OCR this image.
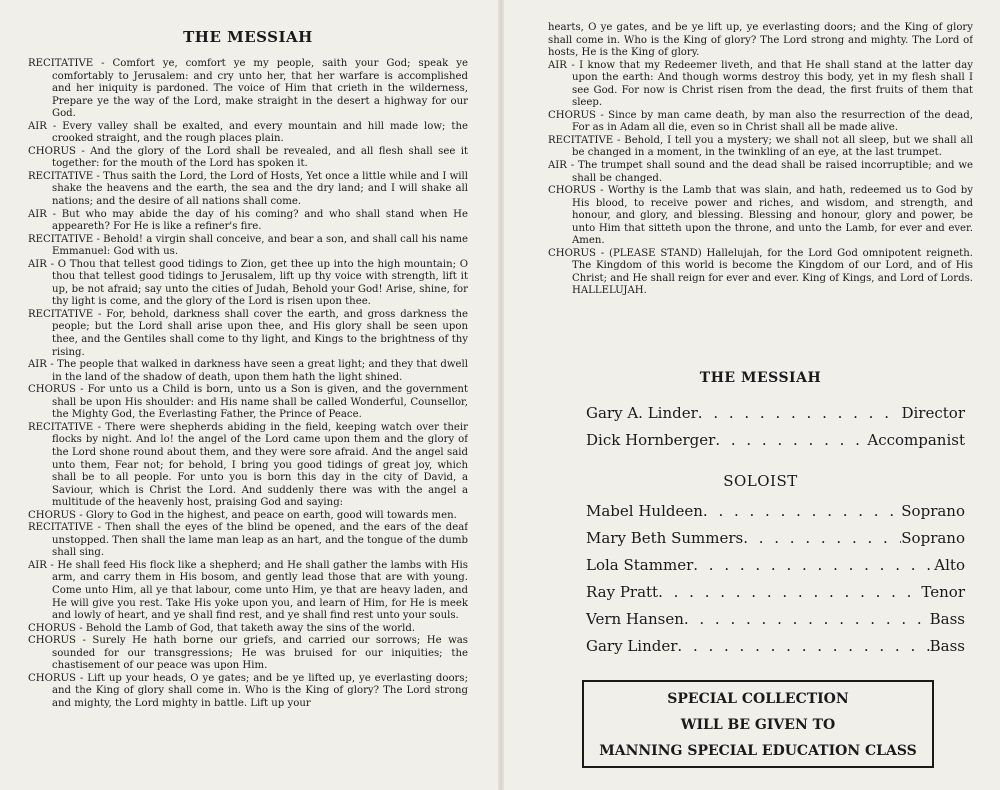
THE MESSIAH

RECITATIVE - Comfort ye, comfort ye my people, saith your God; speak ye comfortably to Jerusalem: and cry unto her, that her warfare is accomplished and her iniquity is pardoned. The voice of Him that crieth in the wilderness, Prepare ye the way of the Lord, make straight in the desert a highway for our God.

AIR - Every valley shall be exalted, and every mountain and hill made low; the crooked straight, and the rough places plain.

CHORUS - And the glory of the Lord shall be revealed, and all flesh shall see it together: for the mouth of the Lord has spoken it.

RECITATIVE - Thus saith the Lord, the Lord of Hosts, Yet once a little while and I will shake the heavens and the earth, the sea and the dry land; and I will shake all nations; and the desire of all nations shall come.

AIR - But who may abide the day of his coming? and who shall stand when He appeareth? For He is like a refiner's fire.

RECITATIVE - Behold! a virgin shall conceive, and bear a son, and shall call his name Emmanuel: God with us.

AIR - O Thou that tellest good tidings to Zion, get thee up into the high mountain; O thou that tellest good tidings to Jerusalem, lift up thy voice with strength, lift it up, be not afraid; say unto the cities of Judah, Behold your God! Arise, shine, for thy light is come, and the glory of the Lord is risen upon thee.

RECITATIVE - For, behold, darkness shall cover the earth, and gross darkness the people; but the Lord shall arise upon thee, and His glory shall be seen upon thee, and the Gentiles shall come to thy light, and Kings to the brightness of thy rising.

AIR - The people that walked in darkness have seen a great light; and they that dwell in the land of the shadow of death, upon them hath the light shined.

CHORUS - For unto us a Child is born, unto us a Son is given, and the government shall be upon His shoulder: and His name shall be called Wonderful, Counsellor, the Mighty God, the Everlasting Father, the Prince of Peace.

RECITATIVE - There were shepherds abiding in the field, keeping watch over their flocks by night. And lo! the angel of the Lord came upon them and the glory of the Lord shone round about them, and they were sore afraid. And the angel said unto them, Fear not; for behold, I bring you good tidings of great joy, which shall be to all people. For unto you is born this day in the city of David, a Saviour, which is Christ the Lord. And suddenly there was with the angel a multitude of the heavenly host, praising God and saying:

CHORUS - Glory to God in the highest, and peace on earth, good will towards men.

RECITATIVE - Then shall the eyes of the blind be opened, and the ears of the deaf unstopped. Then shall the lame man leap as an hart, and the tongue of the dumb shall sing.

AIR - He shall feed His flock like a shepherd; and He shall gather the lambs with His arm, and carry them in His bosom, and gently lead those that are with young. Come unto Him, all ye that labour, come unto Him, ye that are heavy laden, and He will give you rest. Take His yoke upon you, and learn of Him, for He is meek and lowly of heart, and ye shall find rest, and ye shall find rest unto your souls.

CHORUS - Behold the Lamb of God, that taketh away the sins of the world.

CHORUS - Surely He hath borne our griefs, and carried our sorrows; He was sounded for our transgressions; He was bruised for our iniquities; the chastisement of our peace was upon Him.

CHORUS - Lift up your heads, O ye gates; and be ye lifted up, ye everlasting doors; and the King of glory shall come in. Who is the King of glory? The Lord strong and mighty, the Lord mighty in battle. Lift up your

hearts, O ye gates, and be ye lift up, ye everlasting doors; and the King of glory shall come in. Who is the King of glory? The Lord strong and mighty. The Lord of hosts, He is the King of glory.

AIR - I know that my Redeemer liveth, and that He shall stand at the latter day upon the earth: And though worms destroy this body, yet in my flesh shall I see God. For now is Christ risen from the dead, the first fruits of them that sleep.

CHORUS - Since by man came death, by man also the resurrection of the dead, For as in Adam all die, even so in Christ shall all be made alive.

RECITATIVE - Behold, I tell you a mystery; we shall not all sleep, but we shall all be changed in a moment, in the twinkling of an eye, at the last trumpet.

AIR - The trumpet shall sound and the dead shall be raised incorruptible; and we shall be changed.

CHORUS - Worthy is the Lamb that was slain, and hath, redeemed us to God by His blood, to receive power and riches, and wisdom, and strength, and honour, and glory, and blessing. Blessing and honour, glory and power, be unto Him that sitteth upon the throne, and unto the Lamb, for ever and ever. Amen.

CHORUS - (PLEASE STAND) Hallelujah, for the Lord God omnipotent reigneth. The Kingdom of this world is become the Kingdom of our Lord, and of His Christ; and He shall reign for ever and ever. King of Kings, and Lord of Lords. HALLELUJAH.

THE MESSIAH
Gary A. Linder . . .	Director
Dick Hornberger . . .	Accompanist
SOLOIST
Mabel Huldeen . . .	Soprano
Mary Beth Summers . . .	Soprano
Lola Stammer . . .	Alto
Ray Pratt . . .	Tenor
Vern Hansen . . .	Bass
Gary Linder . . .	Bass
SPECIAL COLLECTION
WILL BE GIVEN TO
MANNING SPECIAL EDUCATION CLASS
